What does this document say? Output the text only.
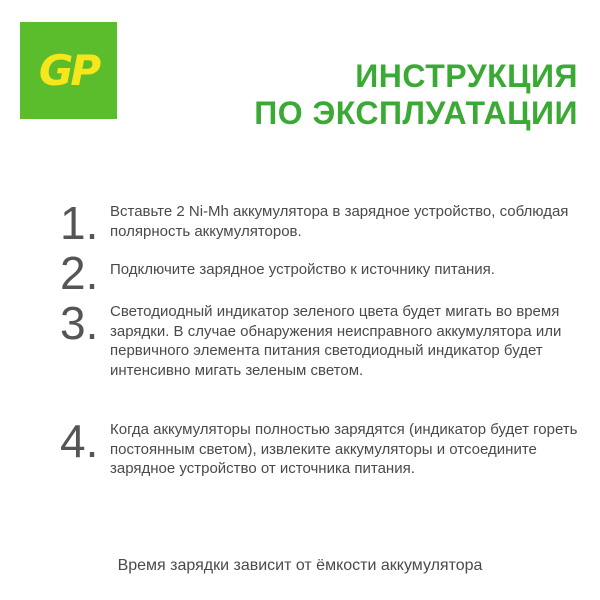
GP	ИНСТРУКЦИЯ
ПО ЭКСПЛУАТАЦИИ
1. Вставьте 2 Ni-Mh аккумулятора в зарядное устройство, соблюдая полярность аккумуляторов.
2. Подключите зарядное устройство к источнику питания.
3. Светодиодный индикатор зеленого цвета будет мигать во время зарядки. В случае обнаружения неисправного аккумулятора или первичного элемента питания светодиодный индикатор будет интенсивно мигать зеленым светом.
4. Когда аккумуляторы полностью зарядятся (индикатор будет гореть постоянным светом), извлеките аккумуляторы и отсоедините зарядное устройство от источника питания.
Время зарядки зависит от ёмкости аккумулятора
